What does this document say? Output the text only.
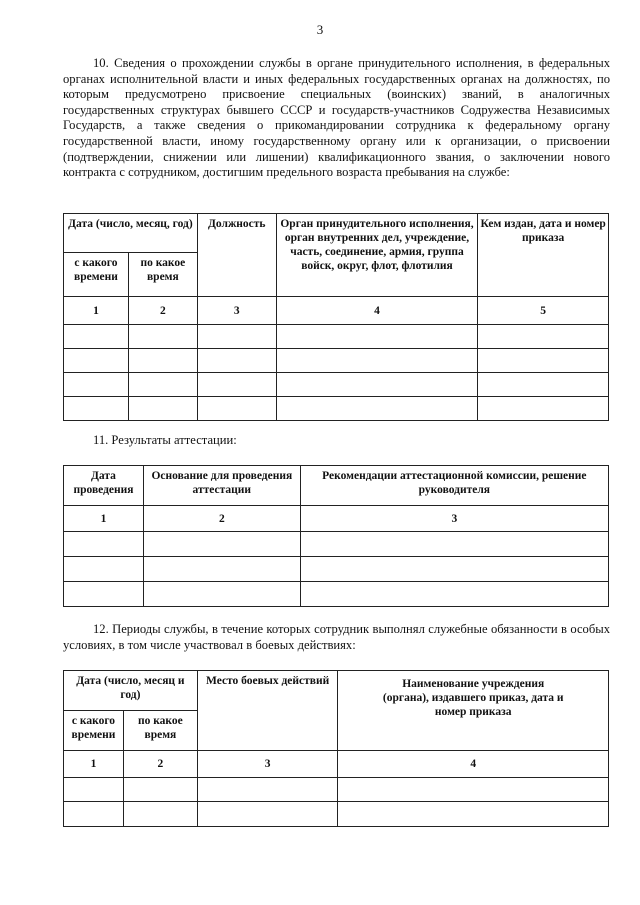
3

10. Сведения о прохождении службы в органе принудительного исполнения, в федеральных органах исполнительной власти и иных федеральных государственных органах на должностях, по которым предусмотрено присвоение специальных (воинских) званий, в аналогичных государственных структурах бывшего СССР и государств-участников Содружества Независимых Государств, а также сведения о прикомандировании сотрудника к федеральному органу государственной власти, иному государственному органу или к организации, о присвоении (подтверждении, снижении или лишении) квалификационного звания, о заключении нового контракта с сотрудником, достигшим предельного возраста пребывания на службе:

Дата (число, месяц, год)		Должность	Орган принудительного исполнения, орган внутренних дел, учреждение, часть, соединение, армия, группа войск, округ, флот, флотилия	Кем издан, дата и номер приказа
с какого времени	по какое время			
1	2	3	4	5

11. Результаты аттестации:

Дата проведения	Основание для проведения аттестации	Рекомендации аттестационной комиссии, решение руководителя
1	2	3

12. Периоды службы, в течение которых сотрудник выполнял служебные обязанности в особых условиях, в том числе участвовал в боевых действиях:

Дата (число, месяц и год)		Место боевых действий	Наименование учреждения (органа), издавшего приказ, дата и номер приказа
с какого времени	по какое время		
1	2	3	4
